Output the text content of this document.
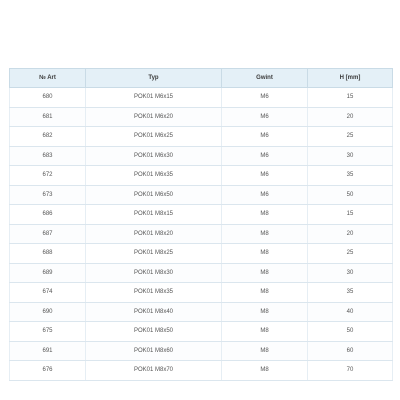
№ Art	Typ	Gwint	H [mm]
680	POK01 M6x15	M6	15
681	POK01 M6x20	M6	20
682	POK01 M6x25	M6	25
683	POK01 M6x30	M6	30
672	POK01 M6x35	M6	35
673	POK01 M6x50	M6	50
686	POK01 M8x15	M8	15
687	POK01 M8x20	M8	20
688	POK01 M8x25	M8	25
689	POK01 M8x30	M8	30
674	POK01 M8x35	M8	35
690	POK01 M8x40	M8	40
675	POK01 M8x50	M8	50
691	POK01 M8x60	M8	60
676	POK01 M8x70	M8	70
